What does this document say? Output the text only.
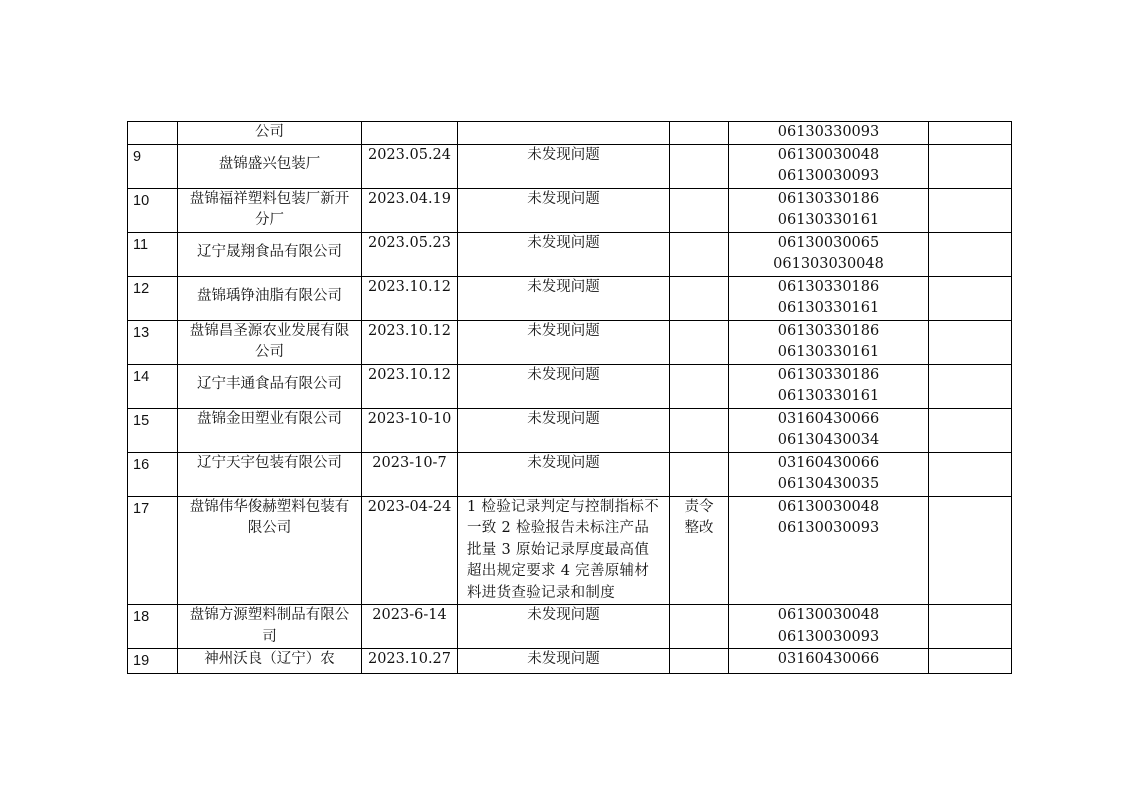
	公司				06130330093	

9	盘锦盛兴包装厂	2023.05.24	未发现问题		06130030048
06130030093	

10	盘锦福祥塑料包装厂新开分厂	2023.04.19	未发现问题		06130330186
06130330161	

11	辽宁晟翔食品有限公司	2023.05.23	未发现问题		06130030065
061303030048	

12	盘锦瑀铮油脂有限公司	2023.10.12	未发现问题		06130330186
06130330161	

13	盘锦昌圣源农业发展有限公司	2023.10.12	未发现问题		06130330186
06130330161	

14	辽宁丰通食品有限公司	2023.10.12	未发现问题		06130330186
06130330161	

15	盘锦金田塑业有限公司	2023-10-10	未发现问题		03160430066
06130430034	

16	辽宁天宇包装有限公司	2023-10-7	未发现问题		03160430066
06130430035	

17	盘锦伟华俊赫塑料包装有限公司	2023-04-24	1 检验记录判定与控制指标不一致 2 检验报告未标注产品批量 3 原始记录厚度最高值超出规定要求 4 完善原辅材料进货查验记录和制度	责令整改	06130030048
06130030093	

18	盘锦方源塑料制品有限公司	2023-6-14	未发现问题		06130030048
06130030093	

19	神州沃良（辽宁）农	2023.10.27	未发现问题		03160430066	
